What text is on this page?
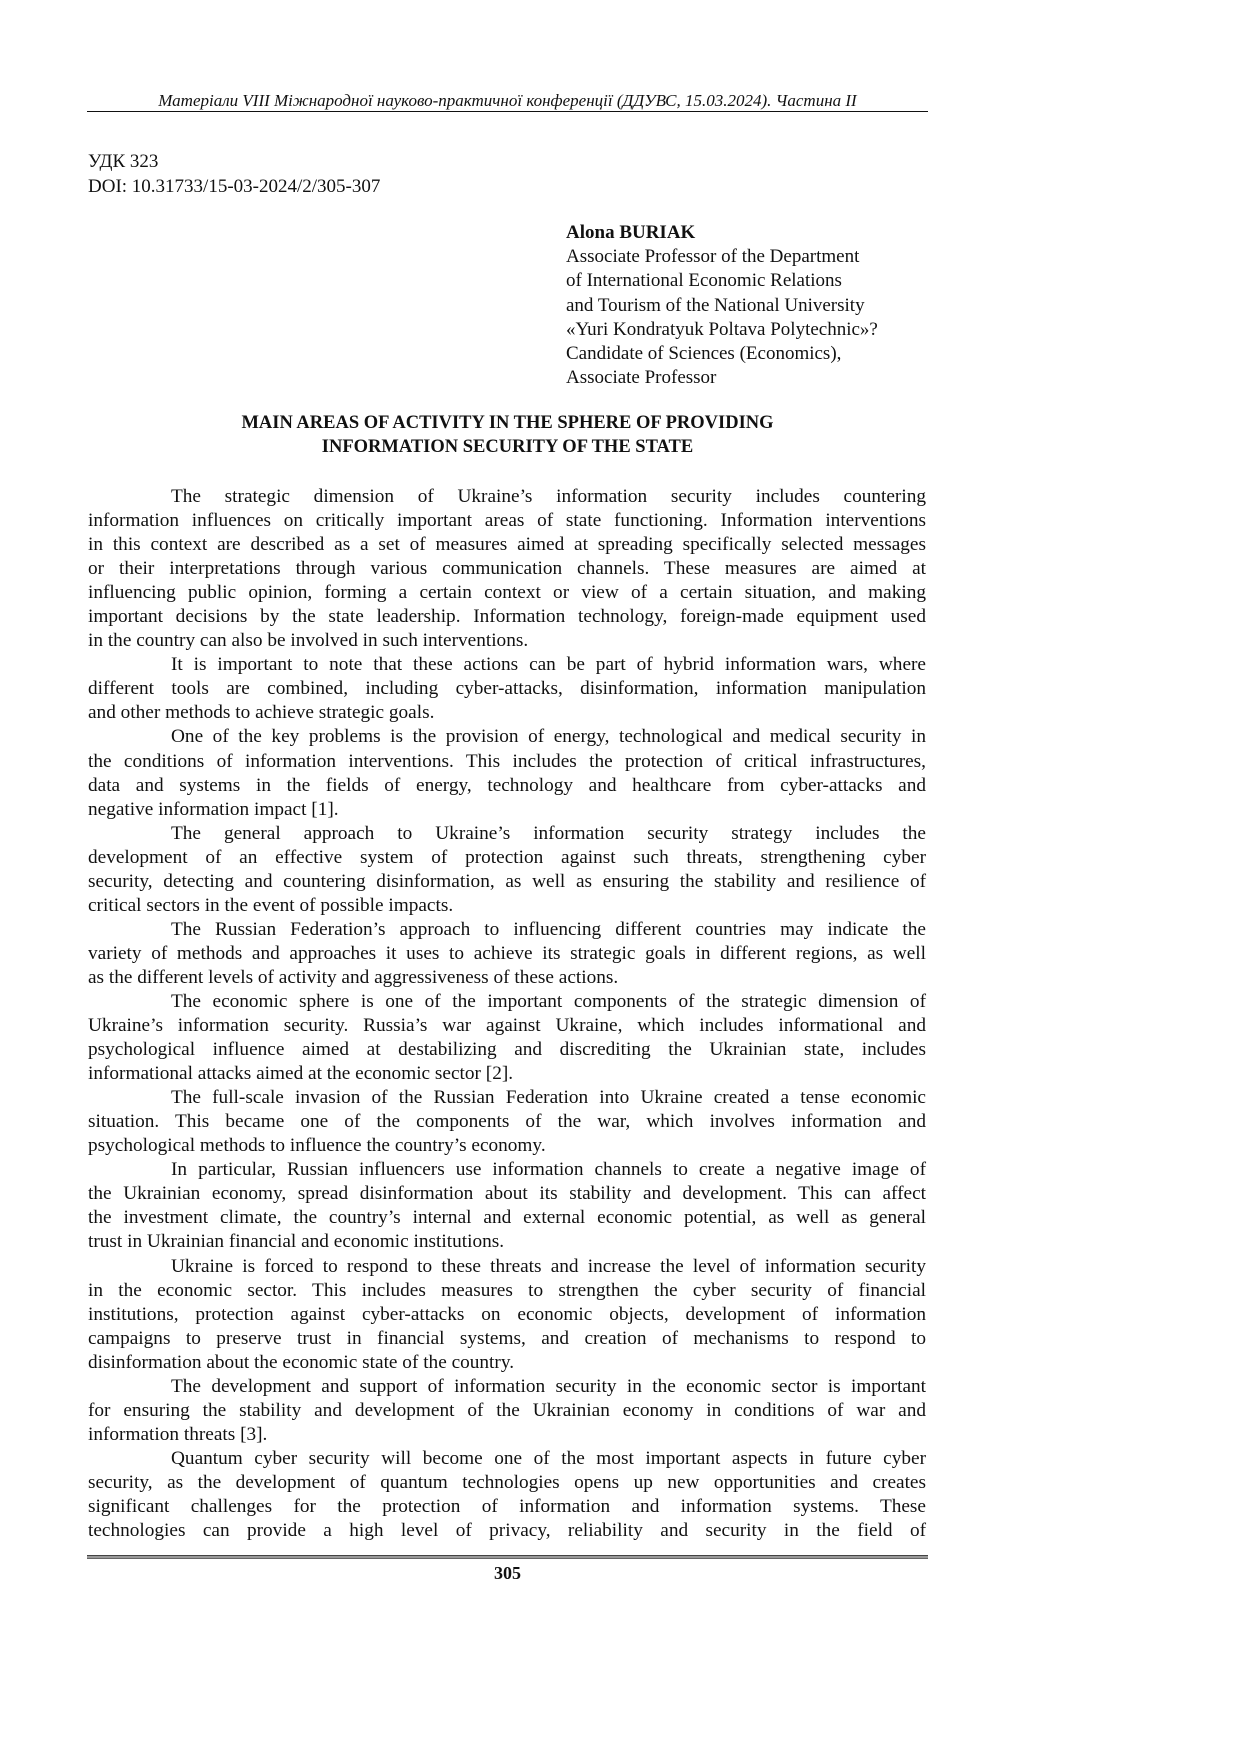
Матеріали VIII Міжнародної науково-практичної конференції (ДДУВС, 15.03.2024). Частина ІІ
УДК 323
DOI: 10.31733/15-03-2024/2/305-307
Alona BURIAK
Associate Professor of the Department
of International Economic Relations
and Tourism of the National University
«Yuri Kondratyuk Poltava Polytechnic»?
Candidate of Sciences (Economics),
Associate Professor
MAIN AREAS OF ACTIVITY IN THE SPHERE OF PROVIDING
INFORMATION SECURITY OF THE STATE
The strategic dimension of Ukraine’s information security includes countering
information influences on critically important areas of state functioning. Information interventions
in this context are described as a set of measures aimed at spreading specifically selected messages
or their interpretations through various communication channels. These measures are aimed at
influencing public opinion, forming a certain context or view of a certain situation, and making
important decisions by the state leadership. Information technology, foreign-made equipment used
in the country can also be involved in such interventions.
It is important to note that these actions can be part of hybrid information wars, where
different tools are combined, including cyber-attacks, disinformation, information manipulation
and other methods to achieve strategic goals.
One of the key problems is the provision of energy, technological and medical security in
the conditions of information interventions. This includes the protection of critical infrastructures,
data and systems in the fields of energy, technology and healthcare from cyber-attacks and
negative information impact [1].
The general approach to Ukraine’s information security strategy includes the
development of an effective system of protection against such threats, strengthening cyber
security, detecting and countering disinformation, as well as ensuring the stability and resilience of
critical sectors in the event of possible impacts.
The Russian Federation’s approach to influencing different countries may indicate the
variety of methods and approaches it uses to achieve its strategic goals in different regions, as well
as the different levels of activity and aggressiveness of these actions.
The economic sphere is one of the important components of the strategic dimension of
Ukraine’s information security. Russia’s war against Ukraine, which includes informational and
psychological influence aimed at destabilizing and discrediting the Ukrainian state, includes
informational attacks aimed at the economic sector [2].
The full-scale invasion of the Russian Federation into Ukraine created a tense economic
situation. This became one of the components of the war, which involves information and
psychological methods to influence the country’s economy.
In particular, Russian influencers use information channels to create a negative image of
the Ukrainian economy, spread disinformation about its stability and development. This can affect
the investment climate, the country’s internal and external economic potential, as well as general
trust in Ukrainian financial and economic institutions.
Ukraine is forced to respond to these threats and increase the level of information security
in the economic sector. This includes measures to strengthen the cyber security of financial
institutions, protection against cyber-attacks on economic objects, development of information
campaigns to preserve trust in financial systems, and creation of mechanisms to respond to
disinformation about the economic state of the country.
The development and support of information security in the economic sector is important
for ensuring the stability and development of the Ukrainian economy in conditions of war and
information threats [3].
Quantum cyber security will become one of the most important aspects in future cyber
security, as the development of quantum technologies opens up new opportunities and creates
significant challenges for the protection of information and information systems. These
technologies can provide a high level of privacy, reliability and security in the field of
305
